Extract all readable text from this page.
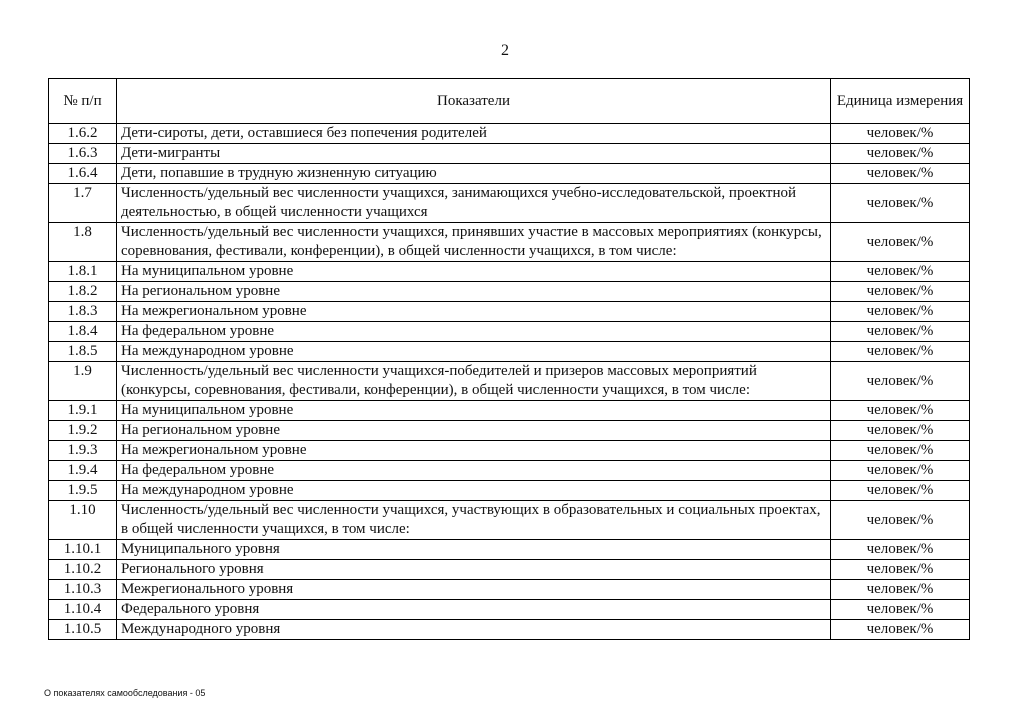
2
№ п/п	Показатели	Единица измерения
1.6.2	Дети-сироты, дети, оставшиеся без попечения родителей	человек/%
1.6.3	Дети-мигранты	человек/%
1.6.4	Дети, попавшие в трудную жизненную ситуацию	человек/%
1.7	Численность/удельный вес численности учащихся, занимающихся учебно-исследовательской, проектной деятельностью, в общей численности учащихся	человек/%
1.8	Численность/удельный вес численности учащихся, принявших участие в массовых мероприятиях (конкурсы, соревнования, фестивали, конференции), в общей численности учащихся, в том числе:	человек/%
1.8.1	На муниципальном уровне	человек/%
1.8.2	На региональном уровне	человек/%
1.8.3	На межрегиональном уровне	человек/%
1.8.4	На федеральном уровне	человек/%
1.8.5	На международном уровне	человек/%
1.9	Численность/удельный вес численности учащихся-победителей и призеров массовых мероприятий (конкурсы, соревнования, фестивали, конференции), в общей численности учащихся, в том числе:	человек/%
1.9.1	На муниципальном уровне	человек/%
1.9.2	На региональном уровне	человек/%
1.9.3	На межрегиональном уровне	человек/%
1.9.4	На федеральном уровне	человек/%
1.9.5	На международном уровне	человек/%
1.10	Численность/удельный вес численности учащихся, участвующих в образовательных и социальных проектах, в общей численности учащихся, в том числе:	человек/%
1.10.1	Муниципального уровня	человек/%
1.10.2	Регионального уровня	человек/%
1.10.3	Межрегионального уровня	человек/%
1.10.4	Федерального уровня	человек/%
1.10.5	Международного уровня	человек/%
О показателях самообследования - 05
